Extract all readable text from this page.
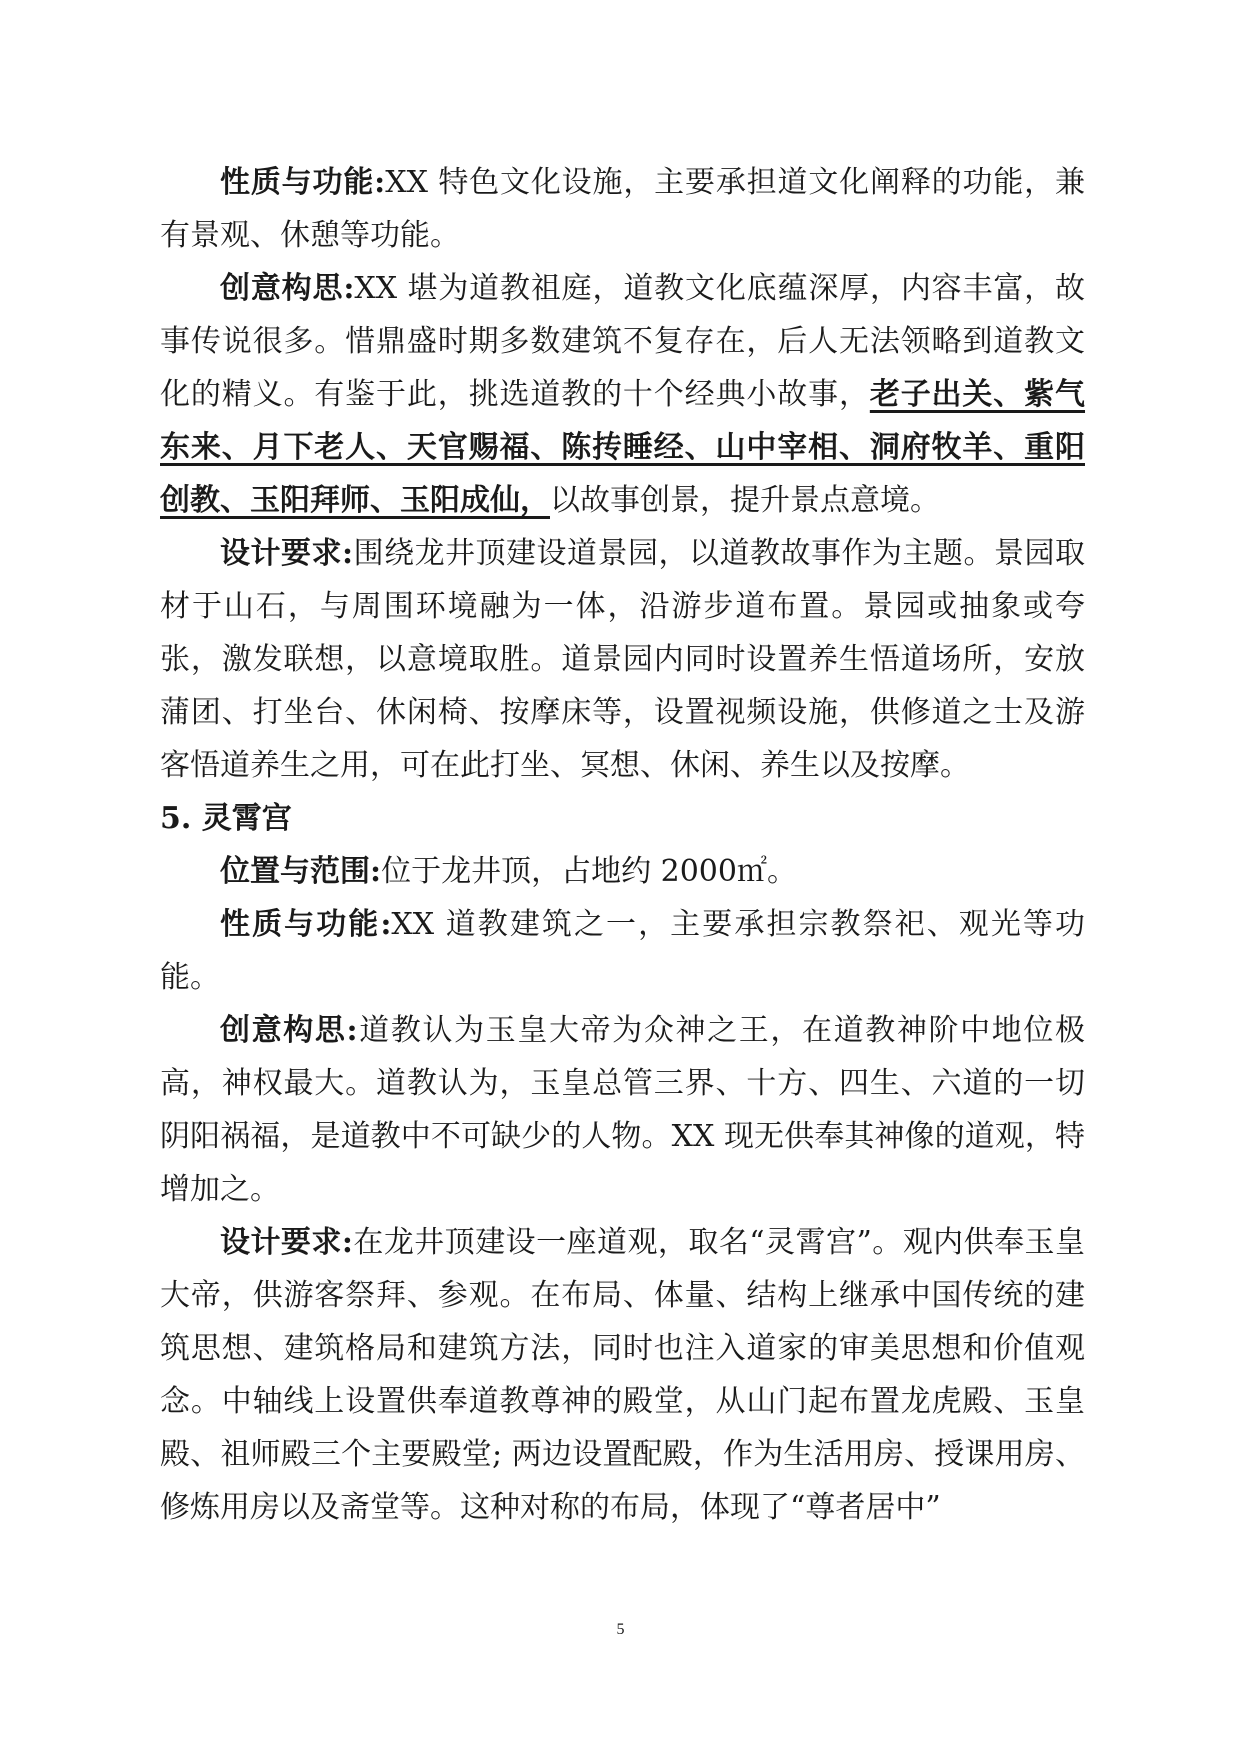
性质与功能:XX 特色文化设施，主要承担道文化阐释的功能，兼有景观、休憩等功能。

创意构思:XX 堪为道教祖庭，道教文化底蕴深厚，内容丰富，故事传说很多。惜鼎盛时期多数建筑不复存在，后人无法领略到道教文化的精义。有鉴于此，挑选道教的十个经典小故事，老子出关、紫气东来、月下老人、天官赐福、陈抟睡经、山中宰相、洞府牧羊、重阳创教、玉阳拜师、玉阳成仙，以故事创景，提升景点意境。

设计要求:围绕龙井顶建设道景园，以道教故事作为主题。景园取材于山石，与周围环境融为一体，沿游步道布置。景园或抽象或夸张，激发联想，以意境取胜。道景园内同时设置养生悟道场所，安放蒲团、打坐台、休闲椅、按摩床等，设置视频设施，供修道之士及游客悟道养生之用，可在此打坐、冥想、休闲、养生以及按摩。

5. 灵霄宫

位置与范围:位于龙井顶，占地约 2000㎡。

性质与功能:XX 道教建筑之一，主要承担宗教祭祀、观光等功能。

创意构思:道教认为玉皇大帝为众神之王，在道教神阶中地位极高，神权最大。道教认为，玉皇总管三界、十方、四生、六道的一切阴阳祸福，是道教中不可缺少的人物。XX 现无供奉其神像的道观，特增加之。

设计要求:在龙井顶建设一座道观，取名“灵霄宫”。观内供奉玉皇大帝，供游客祭拜、参观。在布局、体量、结构上继承中国传统的建筑思想、建筑格局和建筑方法，同时也注入道家的审美思想和价值观念。中轴线上设置供奉道教尊神的殿堂，从山门起布置龙虎殿、玉皇殿、祖师殿三个主要殿堂; 两边设置配殿，作为生活用房、授课用房、修炼用房以及斋堂等。这种对称的布局，体现了“尊者居中”

5
